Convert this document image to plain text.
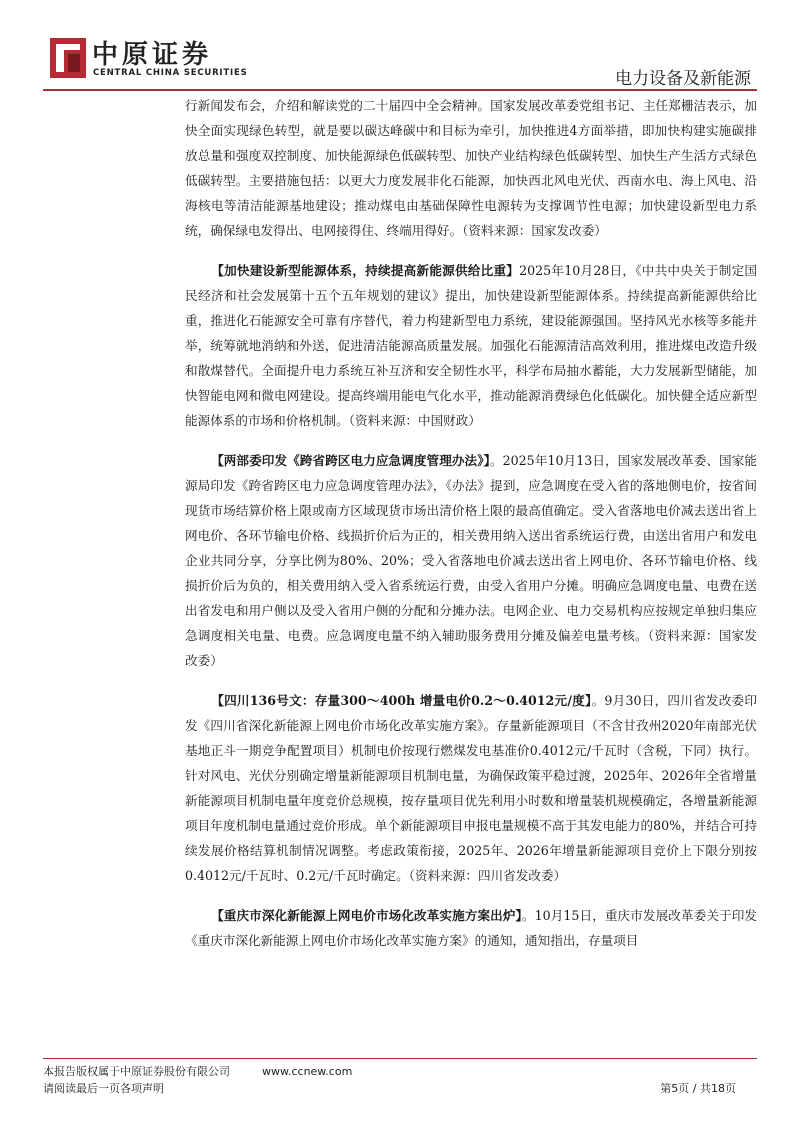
中原证券
CENTRAL CHINA SECURITIES	电力设备及新能源

行新闻发布会，介绍和解读党的二十届四中全会精神。国家发展改革委党组书记、主任郑栅洁表示，加快全面实现绿色转型，就是要以碳达峰碳中和目标为牵引，加快推进4方面举措，即加快构建实施碳排放总量和强度双控制度、加快能源绿色低碳转型、加快产业结构绿色低碳转型、加快生产生活方式绿色低碳转型。主要措施包括：以更大力度发展非化石能源，加快西北风电光伏、西南水电、海上风电、沿海核电等清洁能源基地建设；推动煤电由基础保障性电源转为支撑调节性电源；加快建设新型电力系统，确保绿电发得出、电网接得住、终端用得好。（资料来源：国家发改委）

【加快建设新型能源体系，持续提高新能源供给比重】2025年10月28日，《中共中央关于制定国民经济和社会发展第十五个五年规划的建议》提出，加快建设新型能源体系。持续提高新能源供给比重，推进化石能源安全可靠有序替代，着力构建新型电力系统，建设能源强国。坚持风光水核等多能并举，统筹就地消纳和外送，促进清洁能源高质量发展。加强化石能源清洁高效利用，推进煤电改造升级和散煤替代。全面提升电力系统互补互济和安全韧性水平，科学布局抽水蓄能，大力发展新型储能，加快智能电网和微电网建设。提高终端用能电气化水平，推动能源消费绿色化低碳化。加快健全适应新型能源体系的市场和价格机制。（资料来源：中国财政）

【两部委印发《跨省跨区电力应急调度管理办法》】。2025年10月13日，国家发展改革委、国家能源局印发《跨省跨区电力应急调度管理办法》，《办法》提到，应急调度在受入省的落地侧电价，按省间现货市场结算价格上限或南方区域现货市场出清价格上限的最高值确定。受入省落地电价减去送出省上网电价、各环节输电价格、线损折价后为正的，相关费用纳入送出省系统运行费，由送出省用户和发电企业共同分享，分享比例为80%、20%；受入省落地电价减去送出省上网电价、各环节输电价格、线损折价后为负的，相关费用纳入受入省系统运行费，由受入省用户分摊。明确应急调度电量、电费在送出省发电和用户侧以及受入省用户侧的分配和分摊办法。电网企业、电力交易机构应按规定单独归集应急调度相关电量、电费。应急调度电量不纳入辅助服务费用分摊及偏差电量考核。（资料来源：国家发改委）

【四川136号文：存量300～400h 增量电价0.2～0.4012元/度】。9月30日，四川省发改委印发《四川省深化新能源上网电价市场化改革实施方案》。存量新能源项目（不含甘孜州2020年南部光伏基地正斗一期竞争配置项目）机制电价按现行燃煤发电基准价0.4012元/千瓦时（含税，下同）执行。针对风电、光伏分别确定增量新能源项目机制电量，为确保政策平稳过渡，2025年、2026年全省增量新能源项目机制电量年度竞价总规模，按存量项目优先利用小时数和增量装机规模确定，各增量新能源项目年度机制电量通过竞价形成。单个新能源项目申报电量规模不高于其发电能力的80%，并结合可持续发展价格结算机制情况调整。考虑政策衔接，2025年、2026年增量新能源项目竞价上下限分别按0.4012元/千瓦时、0.2元/千瓦时确定。（资料来源：四川省发改委）

【重庆市深化新能源上网电价市场化改革实施方案出炉】。10月15日，重庆市发展改革委关于印发《重庆市深化新能源上网电价市场化改革实施方案》的通知，通知指出，存量项目

本报告版权属于中原证券股份有限公司
请阅读最后一页各项声明
www.ccnew.com
第5页 / 共18页
